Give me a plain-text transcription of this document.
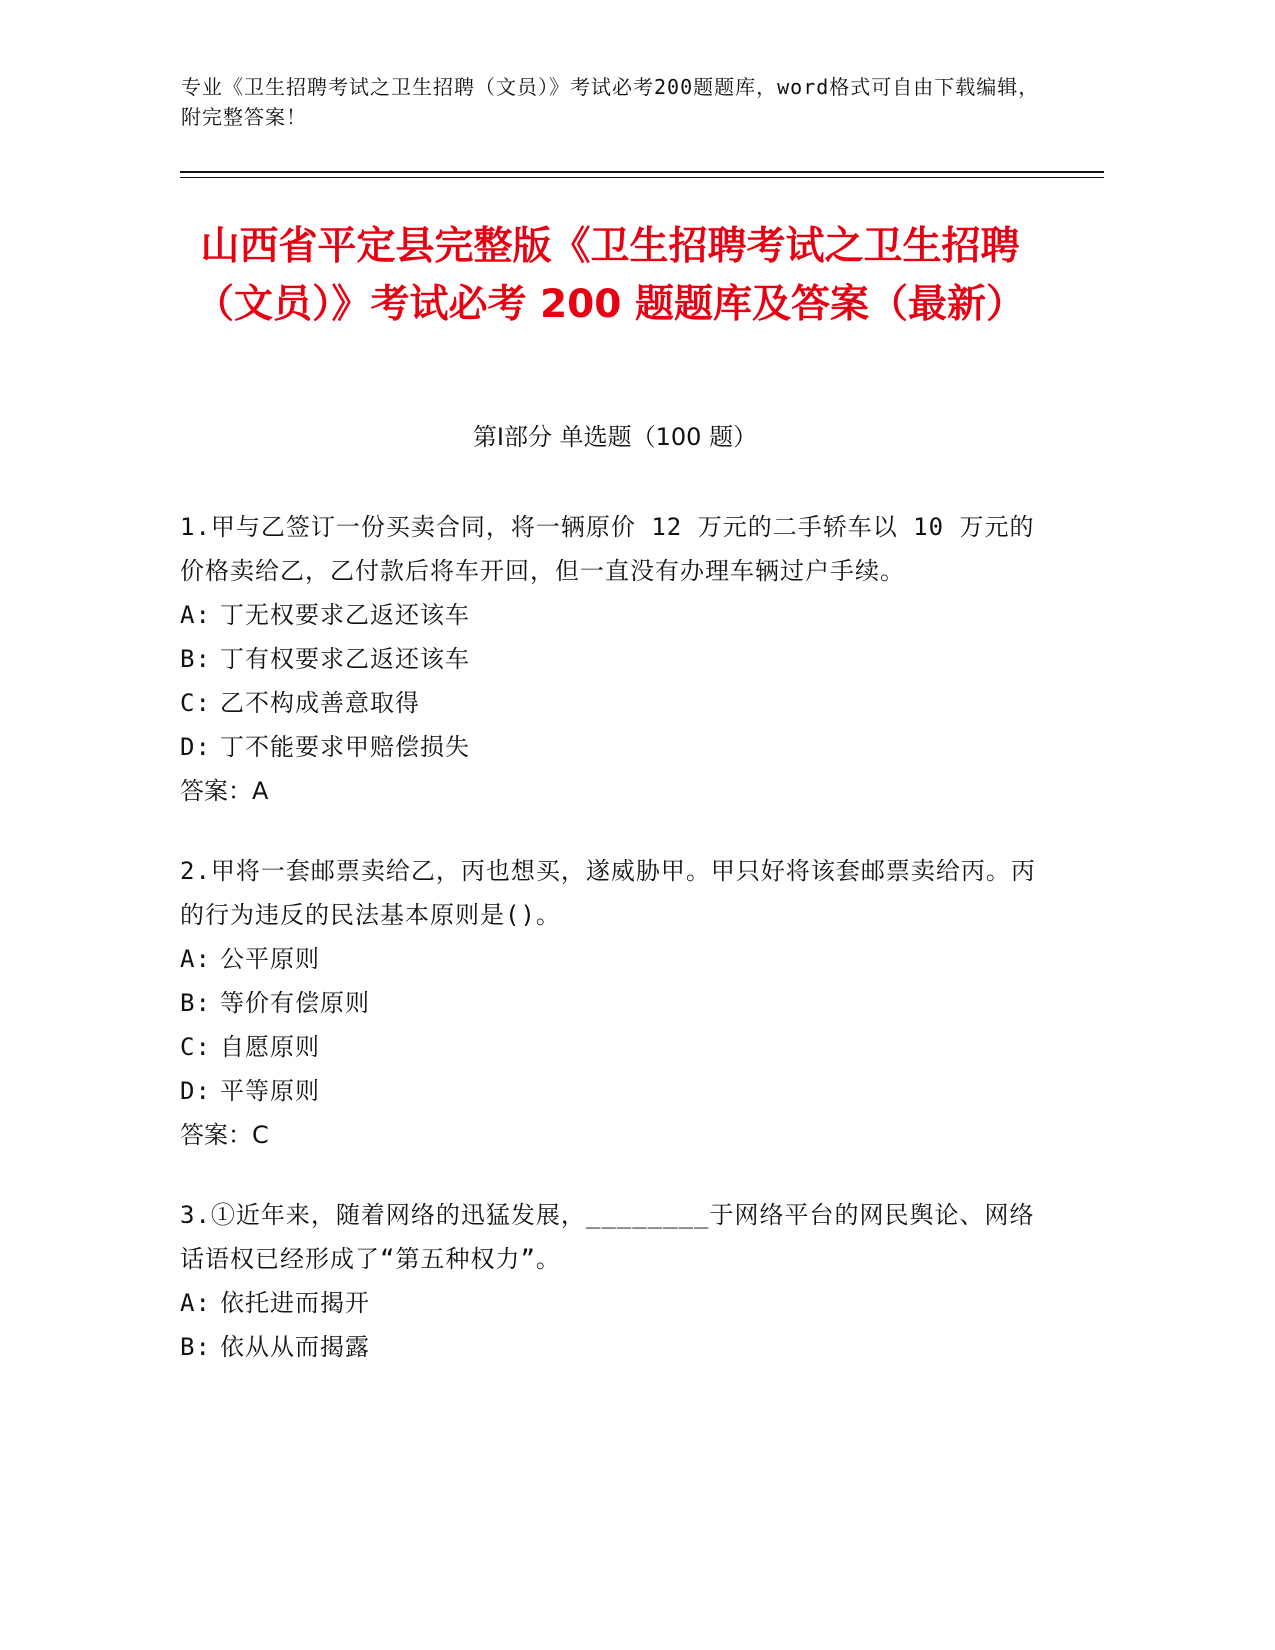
专业《卫生招聘考试之卫生招聘（文员）》考试必考200题题库，word格式可自由下载编辑，附完整答案！
山西省平定县完整版《卫生招聘考试之卫生招聘（文员）》考试必考 200 题题库及答案（最新）
第Ⅰ部分 单选题（100 题）

1.甲与乙签订一份买卖合同，将一辆原价 12 万元的二手轿车以 10 万元的价格卖给乙，乙付款后将车开回，但一直没有办理车辆过户手续。

A: 丁无权要求乙返还该车

B: 丁有权要求乙返还该车

C: 乙不构成善意取得

D: 丁不能要求甲赔偿损失

答案：A

2.甲将一套邮票卖给乙，丙也想买，遂威胁甲。甲只好将该套邮票卖给丙。丙的行为违反的民法基本原则是()。

A: 公平原则

B: 等价有偿原则

C: 自愿原则

D: 平等原则

答案：C

3.①近年来，随着网络的迅猛发展，________于网络平台的网民舆论、网络话语权已经形成了“第五种权力”。

A: 依托进而揭开

B: 依从从而揭露
